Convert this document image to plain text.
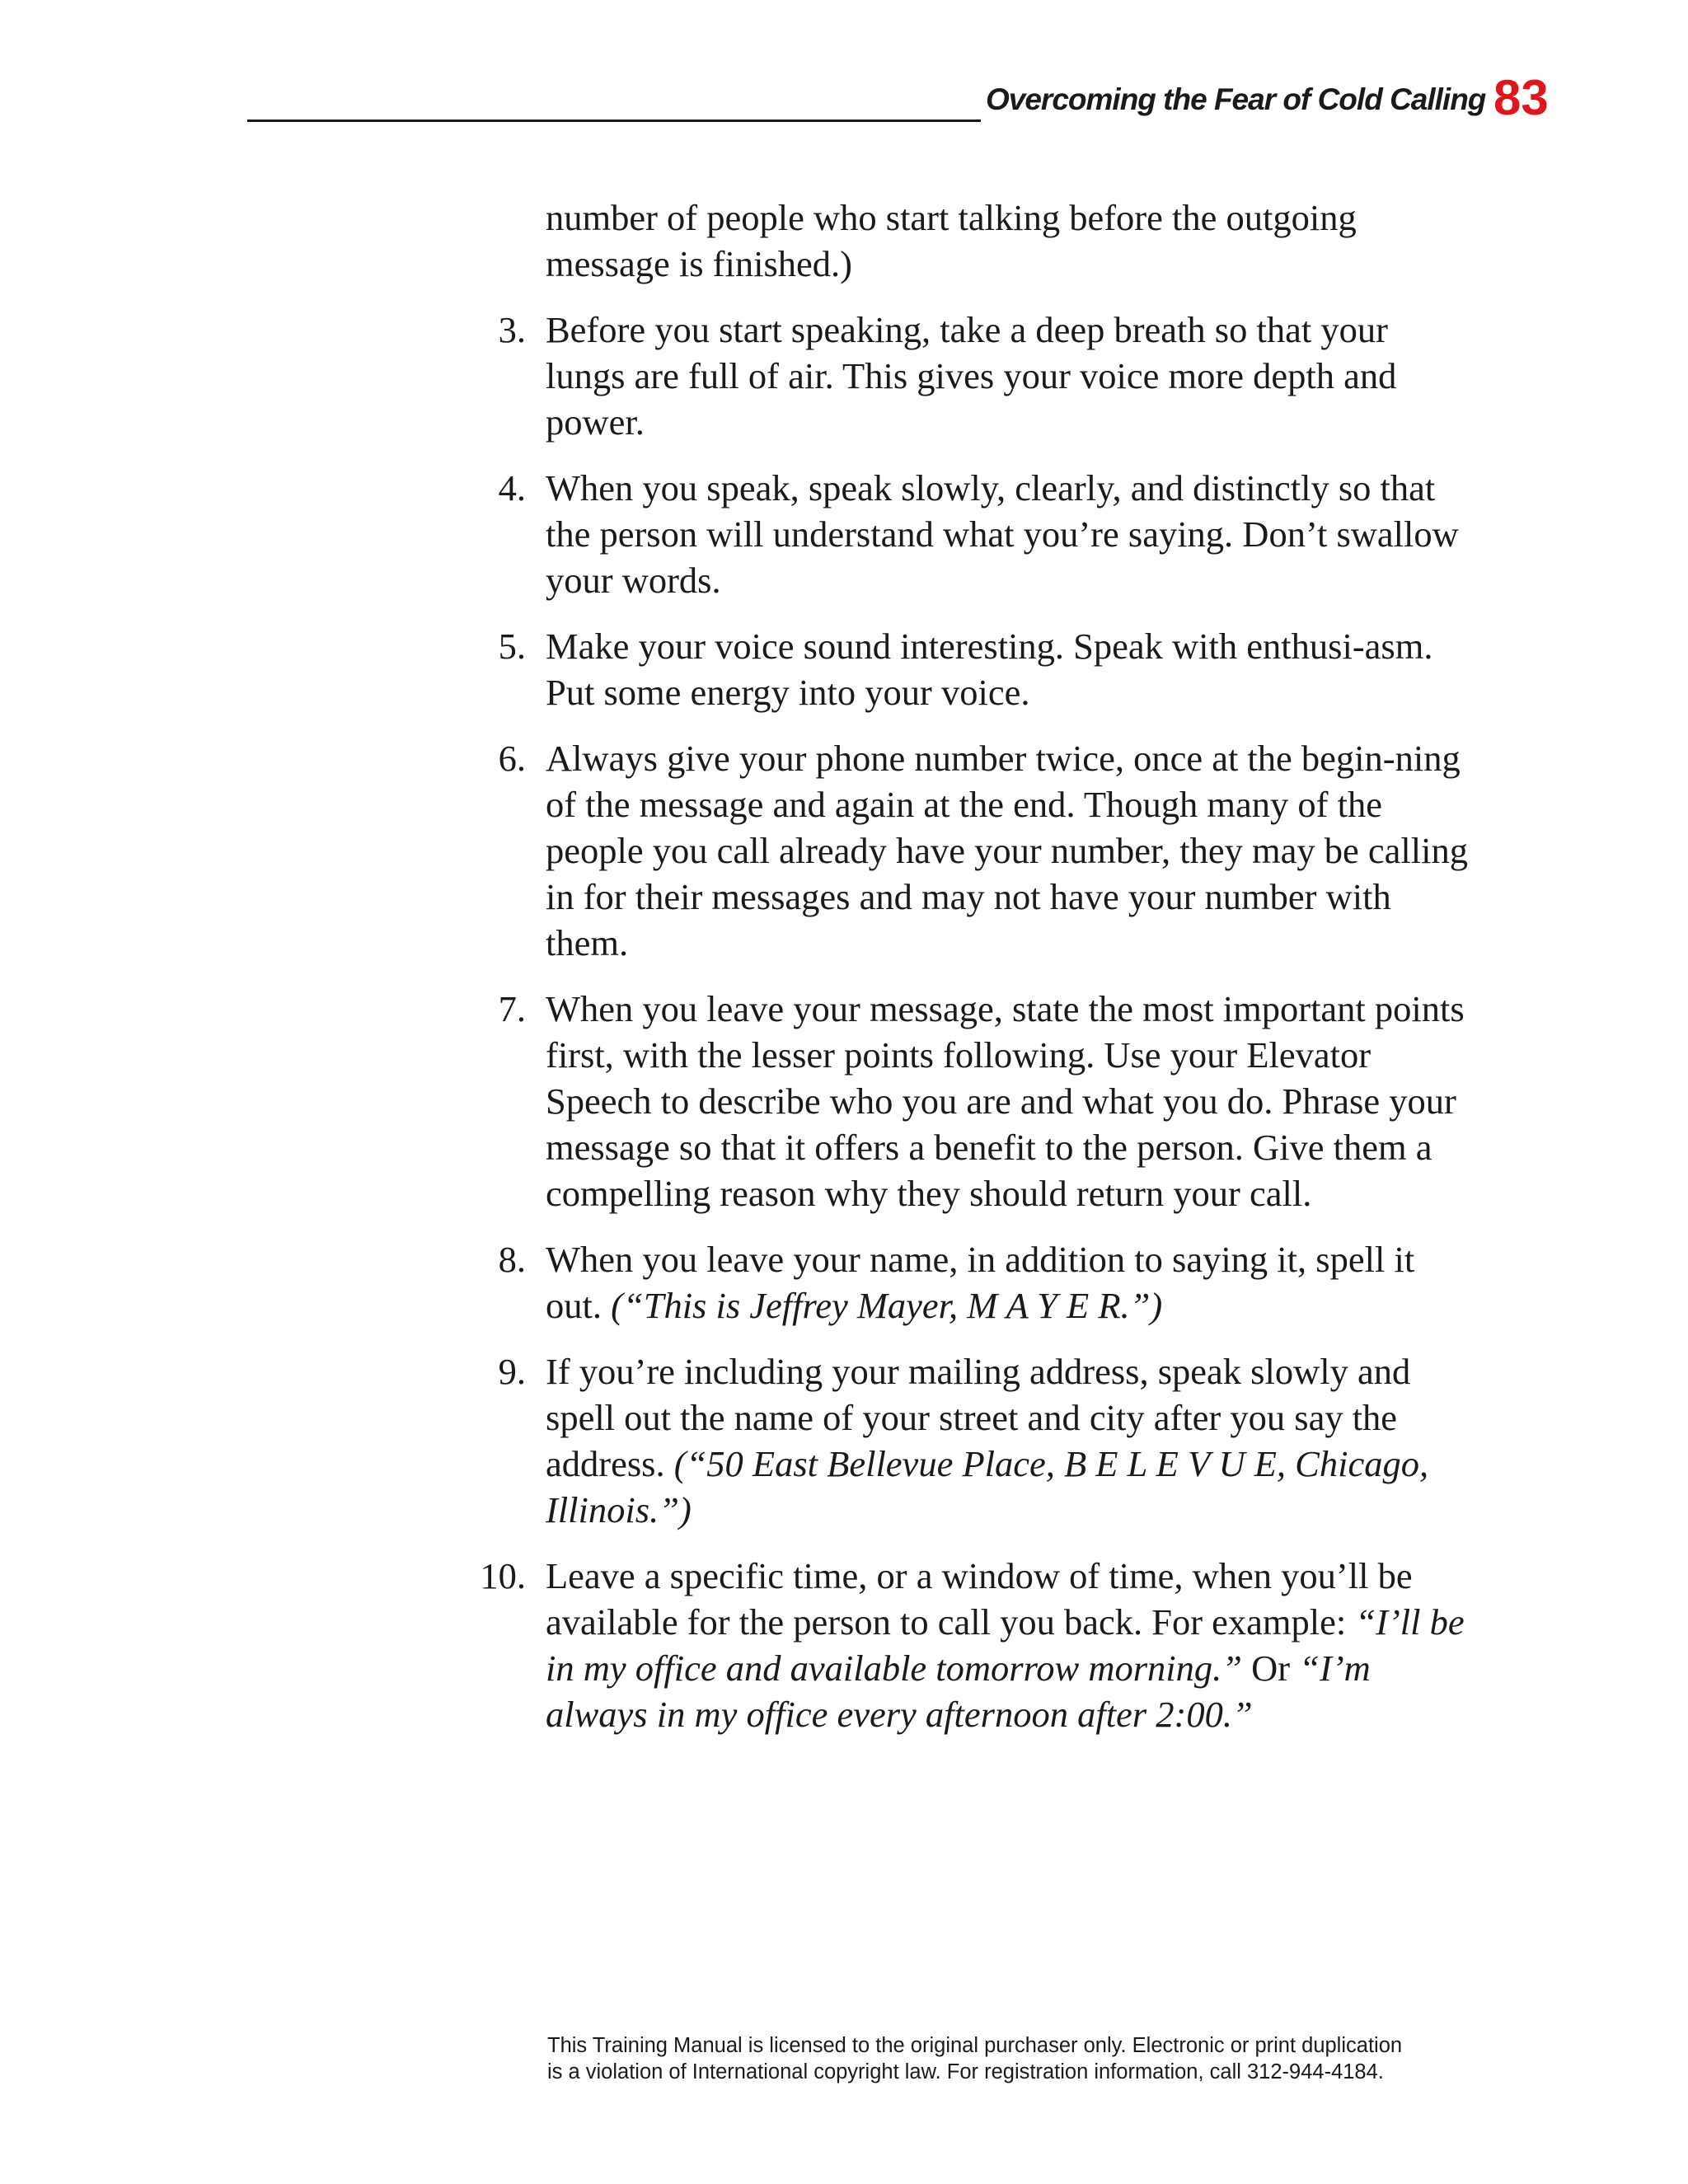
Overcoming the Fear of Cold Calling 83

number of people who start talking before the outgoing message is finished.)

3. Before you start speaking, take a deep breath so that your lungs are full of air. This gives your voice more depth and power.
4. When you speak, speak slowly, clearly, and distinctly so that the person will understand what you’re saying. Don’t swallow your words.
5. Make your voice sound interesting. Speak with enthusi-asm. Put some energy into your voice.
6. Always give your phone number twice, once at the begin-ning of the message and again at the end. Though many of the people you call already have your number, they may be calling in for their messages and may not have your number with them.
7. When you leave your message, state the most important points first, with the lesser points following. Use your Elevator Speech to describe who you are and what you do. Phrase your message so that it offers a benefit to the person. Give them a compelling reason why they should return your call.
8. When you leave your name, in addition to saying it, spell it out. (“This is Jeffrey Mayer, M A Y E R.”)
9. If you’re including your mailing address, speak slowly and spell out the name of your street and city after you say the address. (“50 East Bellevue Place, B E L E V U E, Chicago, Illinois.”)
10. Leave a specific time, or a window of time, when you’ll be available for the person to call you back. For example: “I’ll be in my office and available tomorrow morning.” Or “I’m always in my office every afternoon after 2:00.”

This Training Manual is licensed to the original purchaser only. Electronic or print duplication

is a violation of International copyright law. For registration information, call 312-944-4184.
